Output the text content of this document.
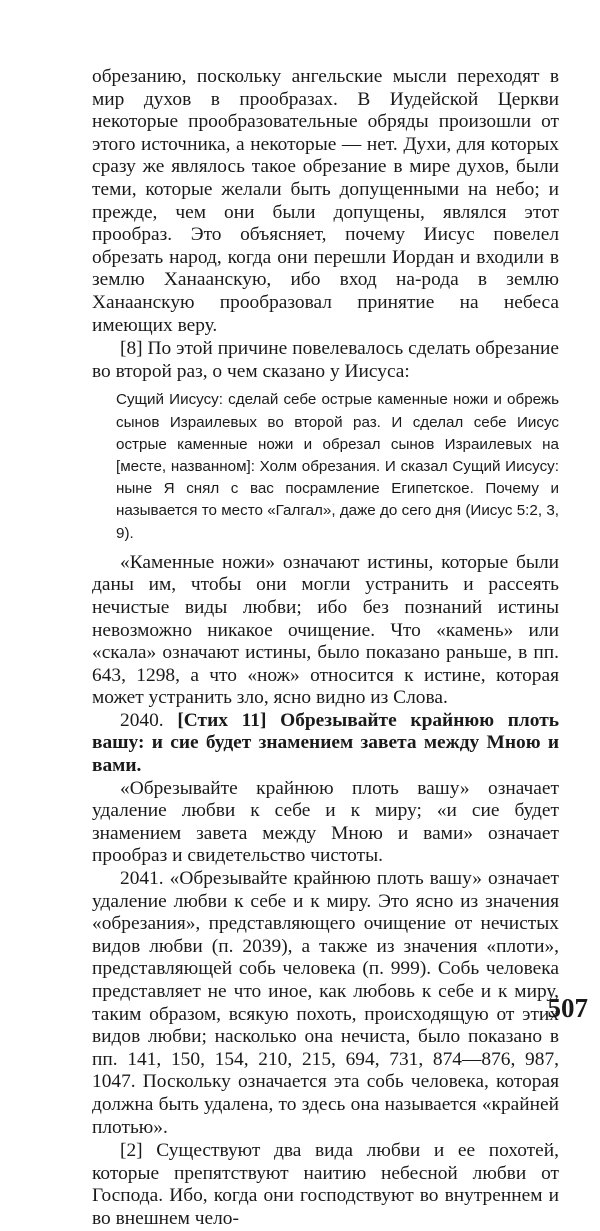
обрезанию, поскольку ангельские мысли переходят в мир духов в прообразах. В Иудейской Церкви некоторые прообразовательные обряды произошли от этого источника, а некоторые — нет. Духи, для которых сразу же являлось такое обрезание в мире духов, были теми, которые желали быть допущенными на небо; и прежде, чем они были допущены, являлся этот прообраз. Это объясняет, почему Иисус повелел обрезать народ, когда они перешли Иордан и входили в землю Ханаанскую, ибо вход на-рода в землю Ханаанскую прообразовал принятие на небеса имеющих веру.

[8] По этой причине повелевалось сделать обрезание во второй раз, о чем сказано у Иисуса:

Сущий Иисусу: сделай себе острые каменные ножи и обрежь сынов Израилевых во второй раз. И сделал себе Иисус острые каменные ножи и обрезал сынов Израилевых на [месте, названном]: Холм обрезания. И сказал Сущий Иисусу: ныне Я снял с вас посрамление Египетское. Почему и называется то место «Галгал», даже до сего дня (Иисус 5:2, 3, 9).

«Каменные ножи» означают истины, которые были даны им, чтобы они могли устранить и рассеять нечистые виды любви; ибо без познаний истины невозможно никакое очищение. Что «камень» или «скала» означают истины, было показано раньше, в пп. 643, 1298, а что «нож» относится к истине, которая может устранить зло, ясно видно из Слова.

2040. [Стих 11] Обрезывайте крайнюю плоть вашу: и сие будет знамением завета между Мною и вами.

«Обрезывайте крайнюю плоть вашу» означает удаление любви к себе и к миру; «и сие будет знамением завета между Мною и вами» означает прообраз и свидетельство чистоты.

2041. «Обрезывайте крайнюю плоть вашу» означает удаление любви к себе и к миру. Это ясно из значения «обрезания», представляющего очищение от нечистых видов любви (п. 2039), а также из значения «плоти», представляющей собь человека (п. 999). Собь человека представляет не что иное, как любовь к себе и к миру, таким образом, всякую похоть, происходящую от этих видов любви; насколько она нечиста, было показано в пп. 141, 150, 154, 210, 215, 694, 731, 874—876, 987, 1047. Поскольку означается эта собь человека, которая должна быть удалена, то здесь она называется «крайней плотью».

[2] Существуют два вида любви и ее похотей, которые препятствуют наитию небесной любви от Господа. Ибо, когда они господствуют во внутреннем и во внешнем чело-

507
